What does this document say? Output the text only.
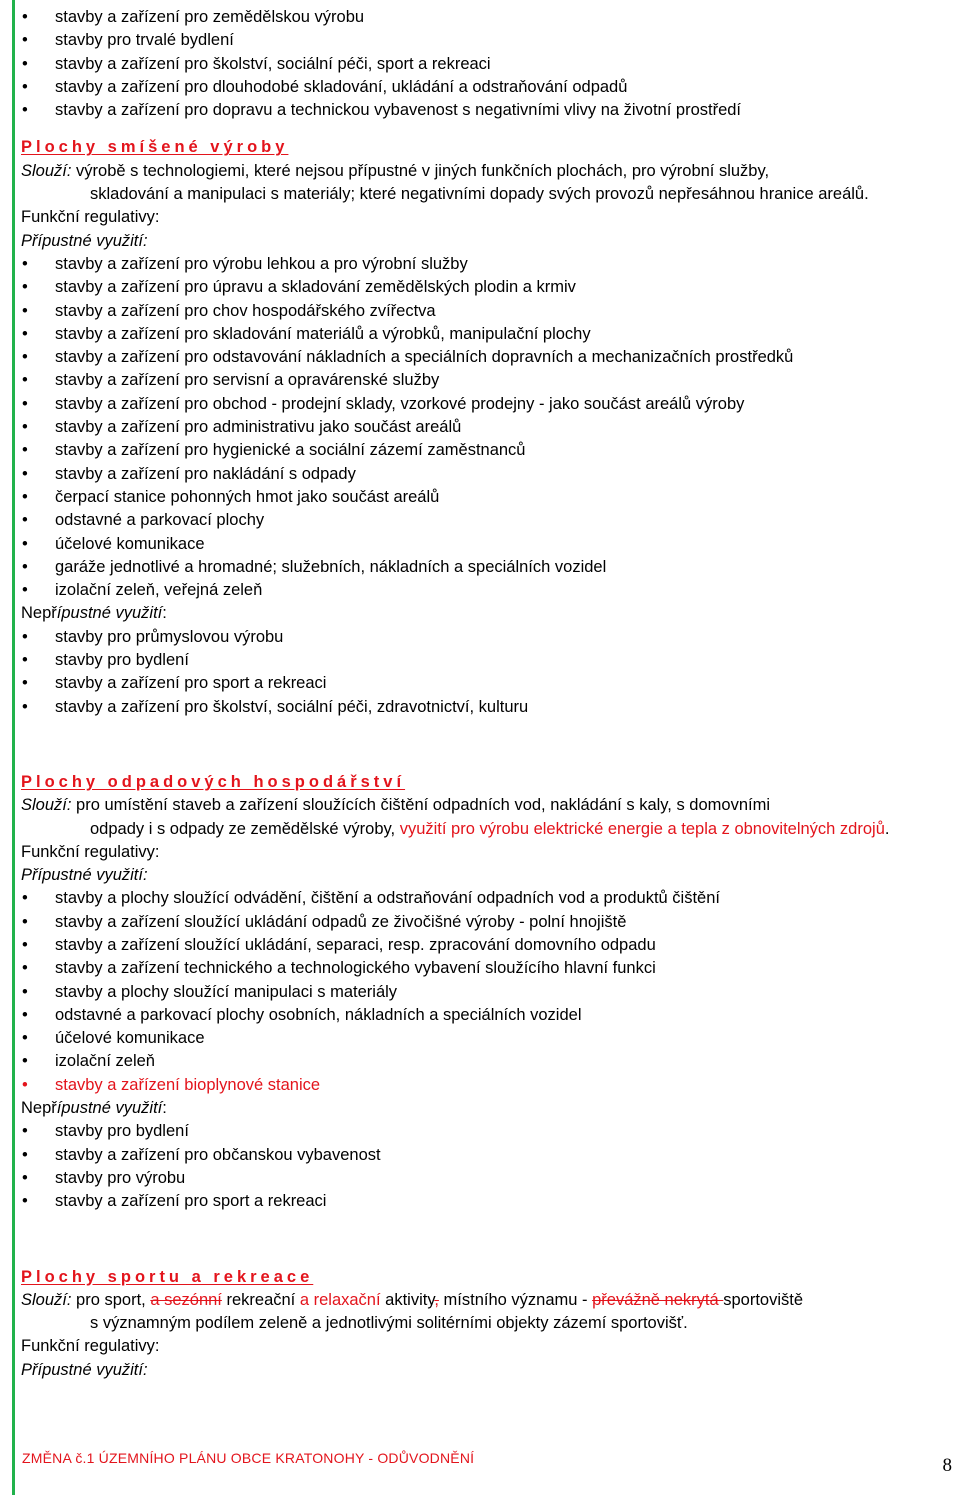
• stavby a zařízení pro zemědělskou výrobu
• stavby pro trvalé bydlení
• stavby a zařízení pro školství, sociální péči, sport a rekreaci
• stavby a zařízení pro dlouhodobé skladování, ukládání a odstraňování odpadů
• stavby a zařízení pro dopravu a technickou vybavenost s negativními vlivy na životní prostředí
Plochy smíšené výroby
Slouží: výrobě s technologiemi, které nejsou přípustné v jiných funkčních plochách, pro výrobní služby,
skladování a manipulaci s materiály; které negativními dopady svých provozů nepřesáhnou hranice areálů.
Funkční regulativy:
Přípustné využití:
• stavby a zařízení pro výrobu lehkou a pro výrobní služby
• stavby a zařízení pro úpravu a skladování zemědělských plodin a krmiv
• stavby a zařízení pro chov hospodářského zvířectva
• stavby a zařízení pro skladování materiálů a výrobků, manipulační plochy
• stavby a zařízení pro odstavování nákladních a speciálních dopravních a mechanizačních prostředků
• stavby a zařízení pro servisní a opravárenské služby
• stavby a zařízení pro obchod - prodejní sklady, vzorkové prodejny - jako součást areálů výroby
• stavby a zařízení pro administrativu jako součást areálů
• stavby a zařízení pro hygienické a sociální zázemí zaměstnanců
• stavby a zařízení pro nakládání s odpady
• čerpací stanice pohonných hmot jako součást areálů
• odstavné a parkovací plochy
• účelové komunikace
• garáže jednotlivé a hromadné; služebních, nákladních a speciálních vozidel
• izolační zeleň, veřejná zeleň
Nepřípustné využití:
• stavby pro průmyslovou výrobu
• stavby pro bydlení
• stavby a zařízení pro sport a rekreaci
• stavby a zařízení pro školství, sociální péči, zdravotnictví, kulturu
Plochy odpadových hospodářství
Slouží: pro umístění staveb a zařízení sloužících čištění odpadních vod, nakládání s kaly, s domovními
odpady i s odpady ze zemědělské výroby, využití pro výrobu elektrické energie a tepla z obnovitelných zdrojů.
Funkční regulativy:
Přípustné využití:
• stavby a plochy sloužící odvádění, čištění a odstraňování odpadních vod a produktů čištění
• stavby a zařízení sloužící ukládání odpadů ze živočišné výroby - polní hnojiště
• stavby a zařízení sloužící ukládání, separaci, resp. zpracování domovního odpadu
• stavby a zařízení technického a technologického vybavení sloužícího hlavní funkci
• stavby a plochy sloužící manipulaci s materiály
• odstavné a parkovací plochy osobních, nákladních a speciálních vozidel
• účelové komunikace
• izolační zeleň
• stavby a zařízení bioplynové stanice
Nepřípustné využití:
• stavby pro bydlení
• stavby a zařízení pro občanskou vybavenost
• stavby pro výrobu
• stavby a zařízení pro sport a rekreaci
Plochy sportu a rekreace
Slouží: pro sport, a sezónní rekreační a relaxační aktivity, místního významu - převážně nekrytá sportoviště
s významným podílem zeleně a jednotlivými solitérními objekty zázemí sportovišť.
Funkční regulativy:
Přípustné využití:
ZMĚNA č.1 ÚZEMNÍHO PLÁNU OBCE KRATONOHY - ODŮVODNĚNÍ	8
